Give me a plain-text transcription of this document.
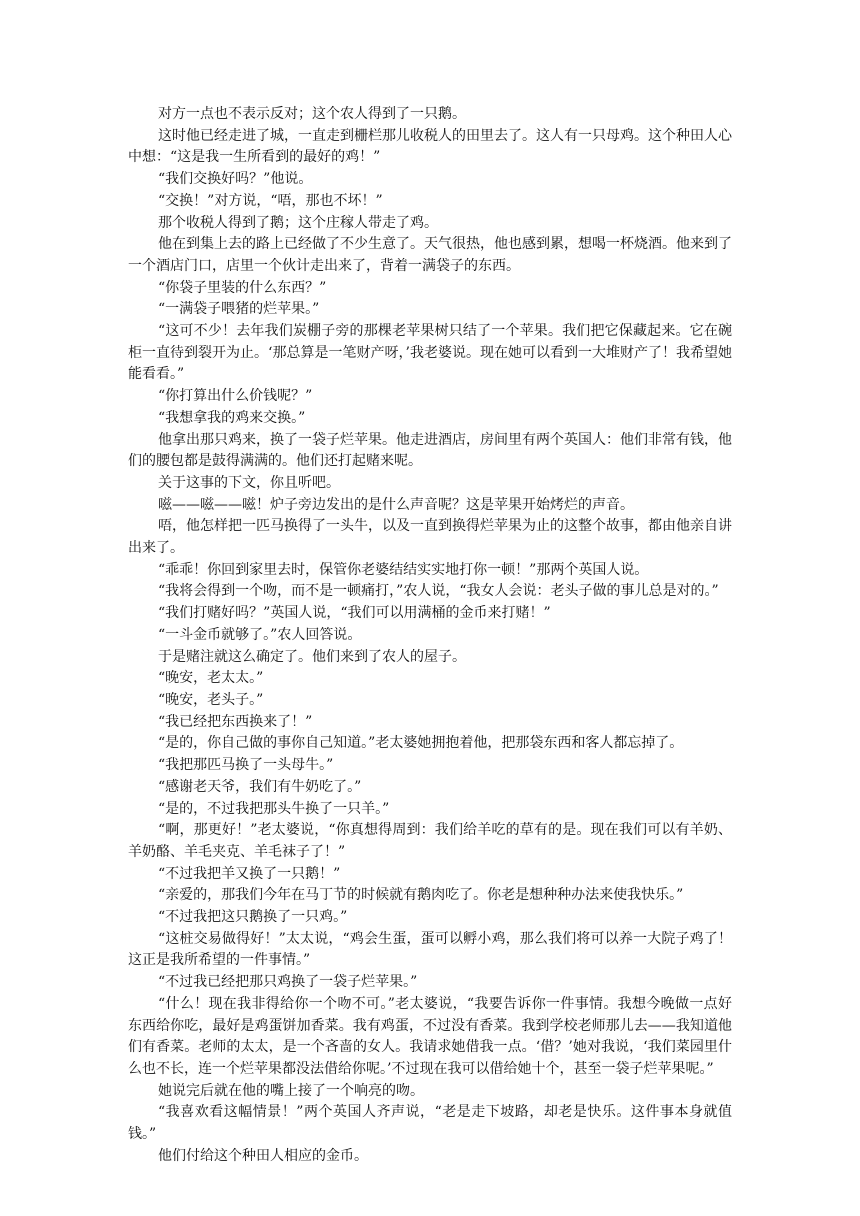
对方一点也不表示反对；这个农人得到了一只鹅。

这时他已经走进了城，一直走到栅栏那儿收税人的田里去了。这人有一只母鸡。这个种田人心中想：“这是我一生所看到的最好的鸡！”

“我们交换好吗？”他说。

“交换！”对方说，“唔，那也不坏！”

那个收税人得到了鹅；这个庄稼人带走了鸡。

他在到集上去的路上已经做了不少生意了。天气很热，他也感到累，想喝一杯烧酒。他来到了一个酒店门口，店里一个伙计走出来了，背着一满袋子的东西。

“你袋子里装的什么东西？”

“一满袋子喂猪的烂苹果。”

“这可不少！去年我们炭棚子旁的那棵老苹果树只结了一个苹果。我们把它保藏起来。它在碗柜一直待到裂开为止。‘那总算是一笔财产呀，’我老婆说。现在她可以看到一大堆财产了！我希望她能看看。”

“你打算出什么价钱呢？”

“我想拿我的鸡来交换。”

他拿出那只鸡来，换了一袋子烂苹果。他走进酒店，房间里有两个英国人：他们非常有钱，他们的腰包都是鼓得满满的。他们还打起赌来呢。

关于这事的下文，你且听吧。

嗞——嗞——嗞！炉子旁边发出的是什么声音呢？这是苹果开始烤烂的声音。

唔，他怎样把一匹马换得了一头牛，以及一直到换得烂苹果为止的这整个故事，都由他亲自讲出来了。

“乖乖！你回到家里去时，保管你老婆结结实实地打你一顿！”那两个英国人说。

“我将会得到一个吻，而不是一顿痛打，”农人说，“我女人会说：老头子做的事儿总是对的。”

“我们打赌好吗？”英国人说，“我们可以用满桶的金币来打赌！”

“一斗金币就够了。”农人回答说。

于是赌注就这么确定了。他们来到了农人的屋子。

“晚安，老太太。”

“晚安，老头子。”

“我已经把东西换来了！”

“是的，你自己做的事你自己知道。”老太婆她拥抱着他，把那袋东西和客人都忘掉了。

“我把那匹马换了一头母牛。”

“感谢老天爷，我们有牛奶吃了。”

“是的，不过我把那头牛换了一只羊。”

“啊，那更好！”老太婆说，“你真想得周到：我们给羊吃的草有的是。现在我们可以有羊奶、羊奶酪、羊毛夹克、羊毛袜子了！”

“不过我把羊又换了一只鹅！”

“亲爱的，那我们今年在马丁节的时候就有鹅肉吃了。你老是想种种办法来使我快乐。”

“不过我把这只鹅换了一只鸡。”

“这桩交易做得好！”太太说，“鸡会生蛋，蛋可以孵小鸡，那么我们将可以养一大院子鸡了！这正是我所希望的一件事情。”

“不过我已经把那只鸡换了一袋子烂苹果。”

“什么！现在我非得给你一个吻不可。”老太婆说，“我要告诉你一件事情。我想今晚做一点好东西给你吃，最好是鸡蛋饼加香菜。我有鸡蛋，不过没有香菜。我到学校老师那儿去——我知道他们有香菜。老师的太太，是一个吝啬的女人。我请求她借我一点。‘借？’她对我说，‘我们菜园里什么也不长，连一个烂苹果都没法借给你呢。’不过现在我可以借给她十个，甚至一袋子烂苹果呢。”

她说完后就在他的嘴上接了一个响亮的吻。

“我喜欢看这幅情景！”两个英国人齐声说，“老是走下坡路，却老是快乐。这件事本身就值钱。”

他们付给这个种田人相应的金币。
